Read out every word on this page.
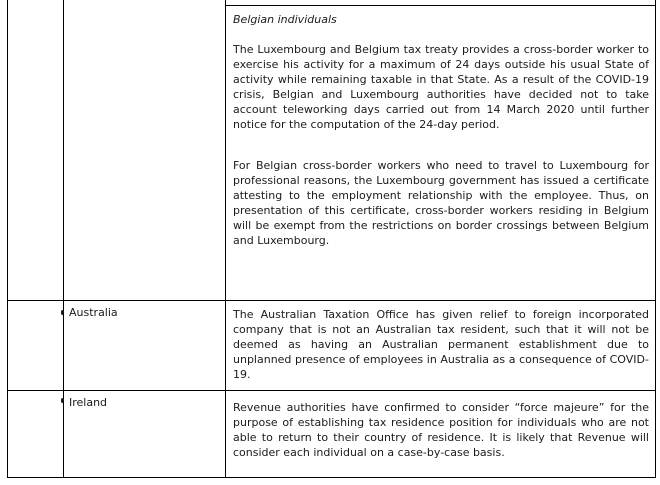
Belgian individuals

The Luxembourg and Belgium tax treaty provides a cross-border worker to exercise his activity for a maximum of 24 days outside his usual State of activity while remaining taxable in that State. As a result of the COVID-19 crisis, Belgian and Luxembourg authorities have decided not to take account teleworking days carried out from 14 March 2020 until further notice for the computation of the 24-day period.

For Belgian cross-border workers who need to travel to Luxembourg for professional reasons, the Luxembourg government has issued a certificate attesting to the employment relationship with the employee. Thus, on presentation of this certificate, cross-border workers residing in Belgium will be exempt from the restrictions on border crossings between Belgium and Luxembourg.

Australia	The Australian Taxation Office has given relief to foreign incorporated company that is not an Australian tax resident, such that it will not be deemed as having an Australian permanent establishment due to unplanned presence of employees in Australia as a consequence of COVID-19.

Ireland	Revenue authorities have confirmed to consider “force majeure” for the purpose of establishing tax residence position for individuals who are not able to return to their country of residence. It is likely that Revenue will consider each individual on a case-by-case basis.
